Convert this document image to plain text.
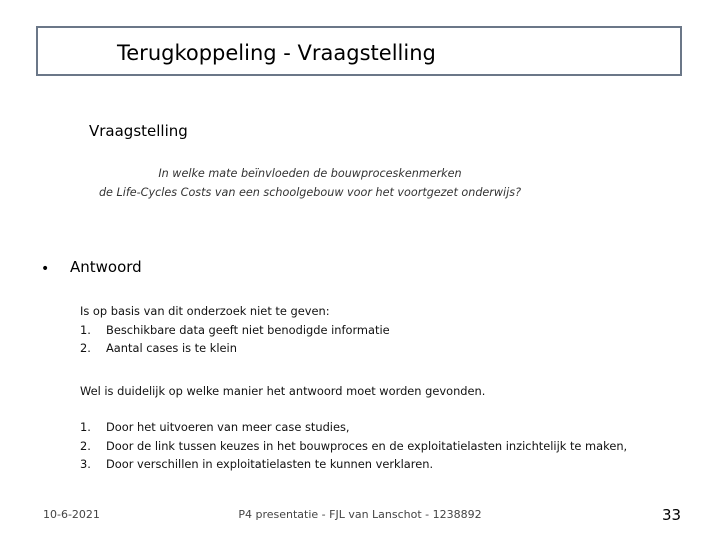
Terugkoppeling - Vraagstelling
Vraagstelling
In welke mate beïnvloeden de bouwproceskenmerken
de Life-Cycles Costs van een schoolgebouw voor het voortgezet onderwijs?
• Antwoord
Is op basis van dit onderzoek niet te geven:
1.	Beschikbare data geeft niet benodigde informatie
2.	Aantal cases is te klein
Wel is duidelijk op welke manier het antwoord moet worden gevonden.
1.	Door het uitvoeren van meer case studies,
2.	Door de link tussen keuzes in het bouwproces en de exploitatielasten inzichtelijk te maken,
3.	Door verschillen in exploitatielasten te kunnen verklaren.
10-6-2021	P4 presentatie - FJL van Lanschot - 1238892	33
